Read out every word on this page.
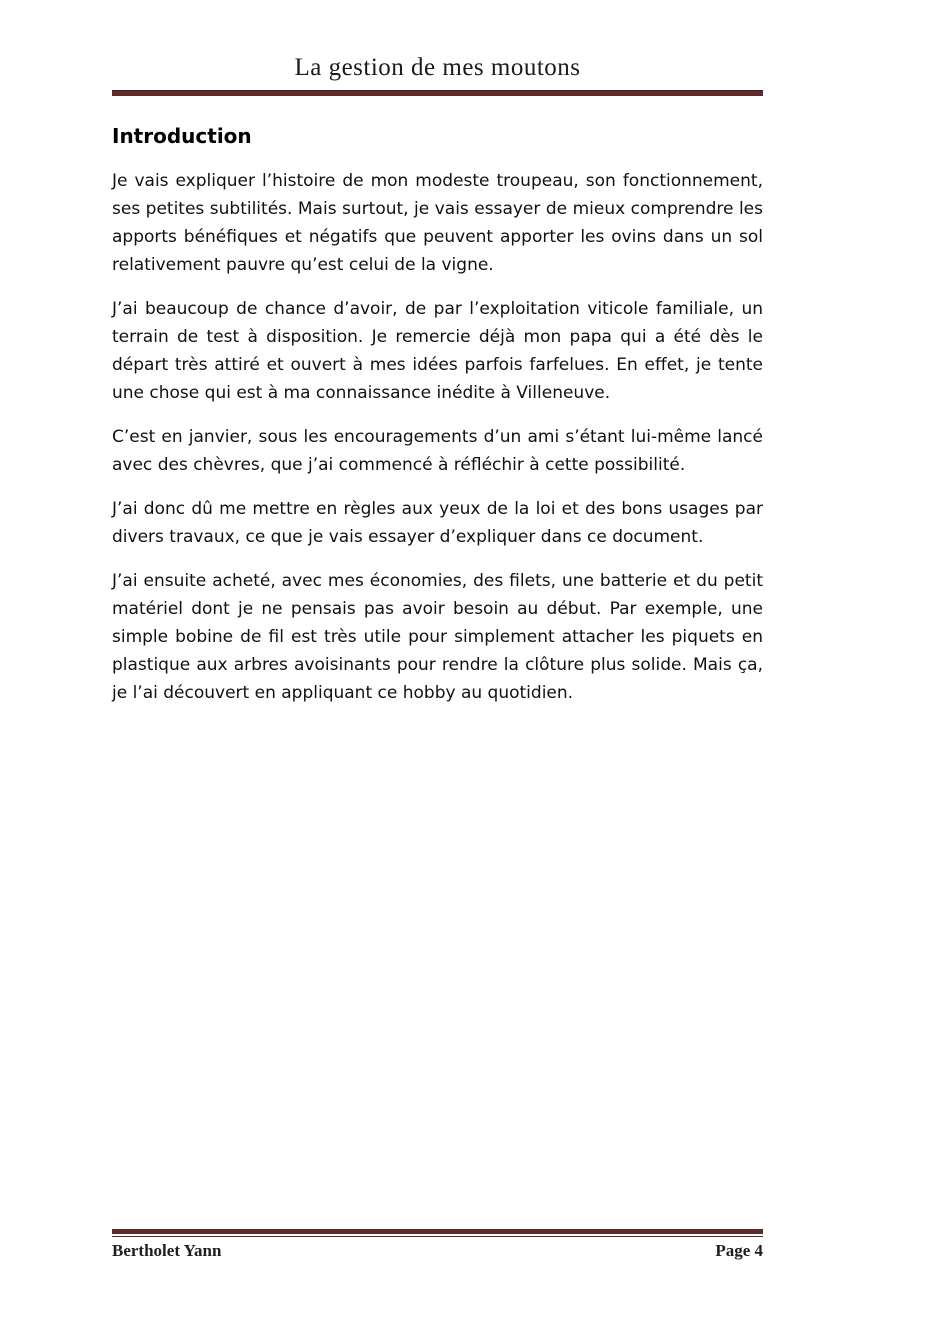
La gestion de mes moutons
Introduction

Je vais expliquer l’histoire de mon modeste troupeau, son fonctionnement, ses petites subtilités. Mais surtout, je vais essayer de mieux comprendre les apports bénéfiques et négatifs que peuvent apporter les ovins dans un sol relativement pauvre qu’est celui de la vigne.

J’ai beaucoup de chance d’avoir, de par l’exploitation viticole familiale, un terrain de test à disposition. Je remercie déjà mon papa qui a été dès le départ très attiré et ouvert à mes idées parfois farfelues. En effet, je tente une chose qui est à ma connaissance inédite à Villeneuve.

C’est en janvier, sous les encouragements d’un ami s’étant lui-même lancé avec des chèvres, que j’ai commencé à réfléchir à cette possibilité.

J’ai donc dû me mettre en règles aux yeux de la loi et des bons usages par divers travaux, ce que je vais essayer d’expliquer dans ce document.

J’ai ensuite acheté, avec mes économies, des filets, une batterie et du petit matériel dont je ne pensais pas avoir besoin au début. Par exemple, une simple bobine de fil est très utile pour simplement attacher les piquets en plastique aux arbres avoisinants pour rendre la clôture plus solide. Mais ça, je l’ai découvert en appliquant ce hobby au quotidien.

Bertholet Yann	Page 4
